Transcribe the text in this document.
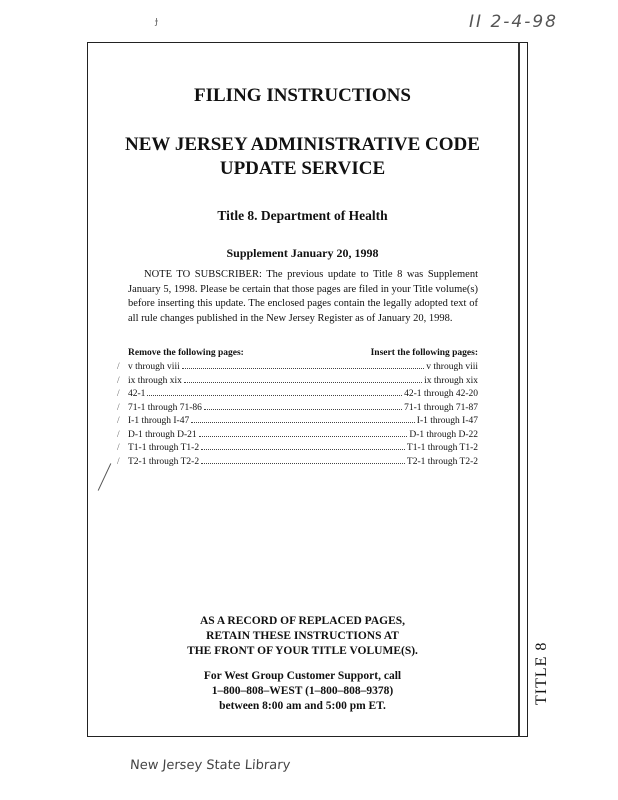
II 2-4-98
ɟ
FILING INSTRUCTIONS
NEW JERSEY ADMINISTRATIVE CODE
UPDATE SERVICE
Title 8. Department of Health
Supplement January 20, 1998
NOTE TO SUBSCRIBER: The previous update to Title 8 was Supplement January 5, 1998. Please be certain that those pages are filed in your Title volume(s) before inserting this update. The enclosed pages contain the legally adopted text of all rule changes published in the New Jersey Register as of January 20, 1998.
Remove the following pages:	Insert the following pages:
/ v through viii	v through viii
/ ix through xix	ix through xix
/ 42-1	42-1 through 42-20
/ 71-1 through 71-86	71-1 through 71-87
/ I-1 through I-47	I-1 through I-47
/ D-1 through D-21	D-1 through D-22
/ T1-1 through T1-2	T1-1 through T1-2
/ T2-1 through T2-2	T2-1 through T2-2
AS A RECORD OF REPLACED PAGES,
RETAIN THESE INSTRUCTIONS AT
THE FRONT OF YOUR TITLE VOLUME(S).
For West Group Customer Support, call
1–800–808–WEST (1–800–808–9378)
between 8:00 am and 5:00 pm ET.
TITLE 8
New Jersey State Library
